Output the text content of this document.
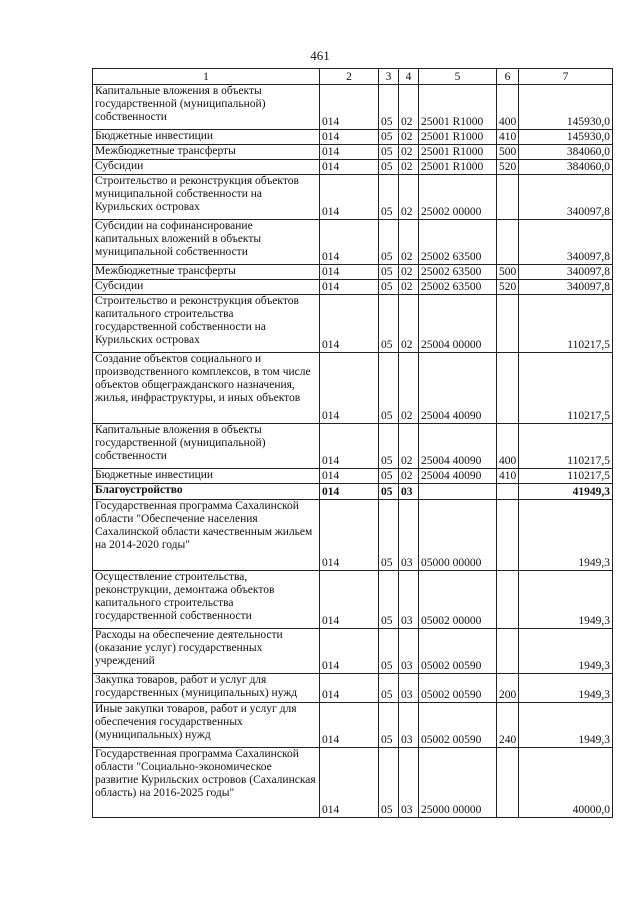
461
1	2	3	4	5	6	7
Капитальные вложения в объекты государственной (муниципальной) собственности	014	05	02	25001 R1000	400	145930,0
Бюджетные инвестиции	014	05	02	25001 R1000	410	145930,0
Межбюджетные трансферты	014	05	02	25001 R1000	500	384060,0
Субсидии	014	05	02	25001 R1000	520	384060,0
Строительство и реконструкция объектов муниципальной собственности на Курильских островах	014	05	02	25002 00000		340097,8
Субсидии на софинансирование капитальных вложений в объекты муниципальной собственности	014	05	02	25002 63500		340097,8
Межбюджетные трансферты	014	05	02	25002 63500	500	340097,8
Субсидии	014	05	02	25002 63500	520	340097,8
Строительство и реконструкция объектов капитального строительства государственной собственности на Курильских островах	014	05	02	25004 00000		110217,5
Создание объектов социального и производственного комплексов, в том числе объектов общегражданского назначения, жилья, инфраструктуры, и иных объектов	014	05	02	25004 40090		110217,5
Капитальные вложения в объекты государственной (муниципальной) собственности	014	05	02	25004 40090	400	110217,5
Бюджетные инвестиции	014	05	02	25004 40090	410	110217,5
Благоустройство	014	05	03			41949,3
Государственная программа Сахалинской области "Обеспечение населения Сахалинской области качественным жильем на 2014-2020 годы"	014	05	03	05000 00000		1949,3
Осуществление строительства, реконструкции, демонтажа объектов капитального строительства государственной собственности	014	05	03	05002 00000		1949,3
Расходы на обеспечение деятельности (оказание услуг) государственных учреждений	014	05	03	05002 00590		1949,3
Закупка товаров, работ и услуг для государственных (муниципальных) нужд	014	05	03	05002 00590	200	1949,3
Иные закупки товаров, работ и услуг для обеспечения государственных (муниципальных) нужд	014	05	03	05002 00590	240	1949,3
Государственная программа Сахалинской области "Социально-экономическое развитие Курильских островов (Сахалинская область) на 2016-2025 годы"	014	05	03	25000 00000		40000,0
